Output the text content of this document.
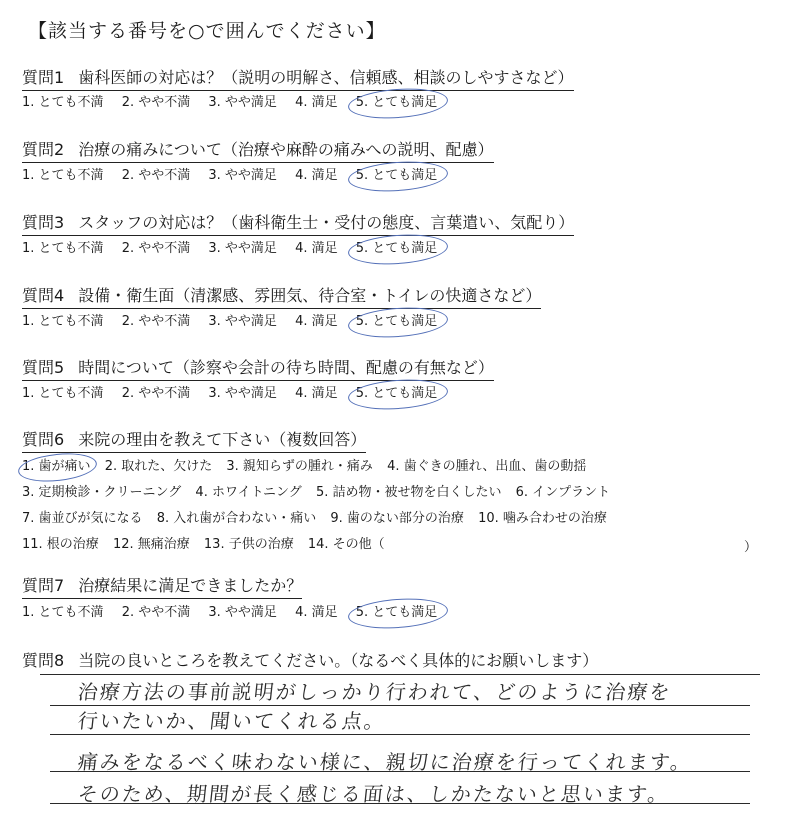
【該当する番号を○で囲んでください】
質問1 歯科医師の対応は？（説明の明解さ、信頼感、相談のしやすさなど）
1. とても不満 2. やや不満 3. やや満足 4. 満足 5. とても満足
質問2 治療の痛みについて（治療や麻酔の痛みへの説明、配慮）
1. とても不満 2. やや不満 3. やや満足 4. 満足 5. とても満足
質問3 スタッフの対応は？（歯科衛生士・受付の態度、言葉遣い、気配り）
1. とても不満 2. やや不満 3. やや満足 4. 満足 5. とても満足
質問4 設備・衛生面（清潔感、雰囲気、待合室・トイレの快適さなど）
1. とても不満 2. やや不満 3. やや満足 4. 満足 5. とても満足
質問5 時間について（診察や会計の待ち時間、配慮の有無など）
1. とても不満 2. やや不満 3. やや満足 4. 満足 5. とても満足
質問6 来院の理由を教えて下さい（複数回答）
1. 歯が痛い 2. 取れた、欠けた 3. 親知らずの腫れ・痛み 4. 歯ぐきの腫れ、出血、歯の動揺
3. 定期検診・クリーニング 4. ホワイトニング 5. 詰め物・被せ物を白くしたい 6. インプラント
7. 歯並びが気になる 8. 入れ歯が合わない・痛い 9. 歯のない部分の治療 10. 噛み合わせの治療
11. 根の治療 12. 無痛治療 13. 子供の治療 14. その他（	）
質問7 治療結果に満足できましたか？
1. とても不満 2. やや不満 3. やや満足 4. 満足 5. とても満足
質問8 当院の良いところを教えてください。（なるべく具体的にお願いします）
治療方法の事前説明がしっかり行われて、どのように治療を
行いたいか、聞いてくれる点。
痛みをなるべく味わない様に、親切に治療を行ってくれます。
そのため、期間が長く感じる面は、しかたないと思います。
